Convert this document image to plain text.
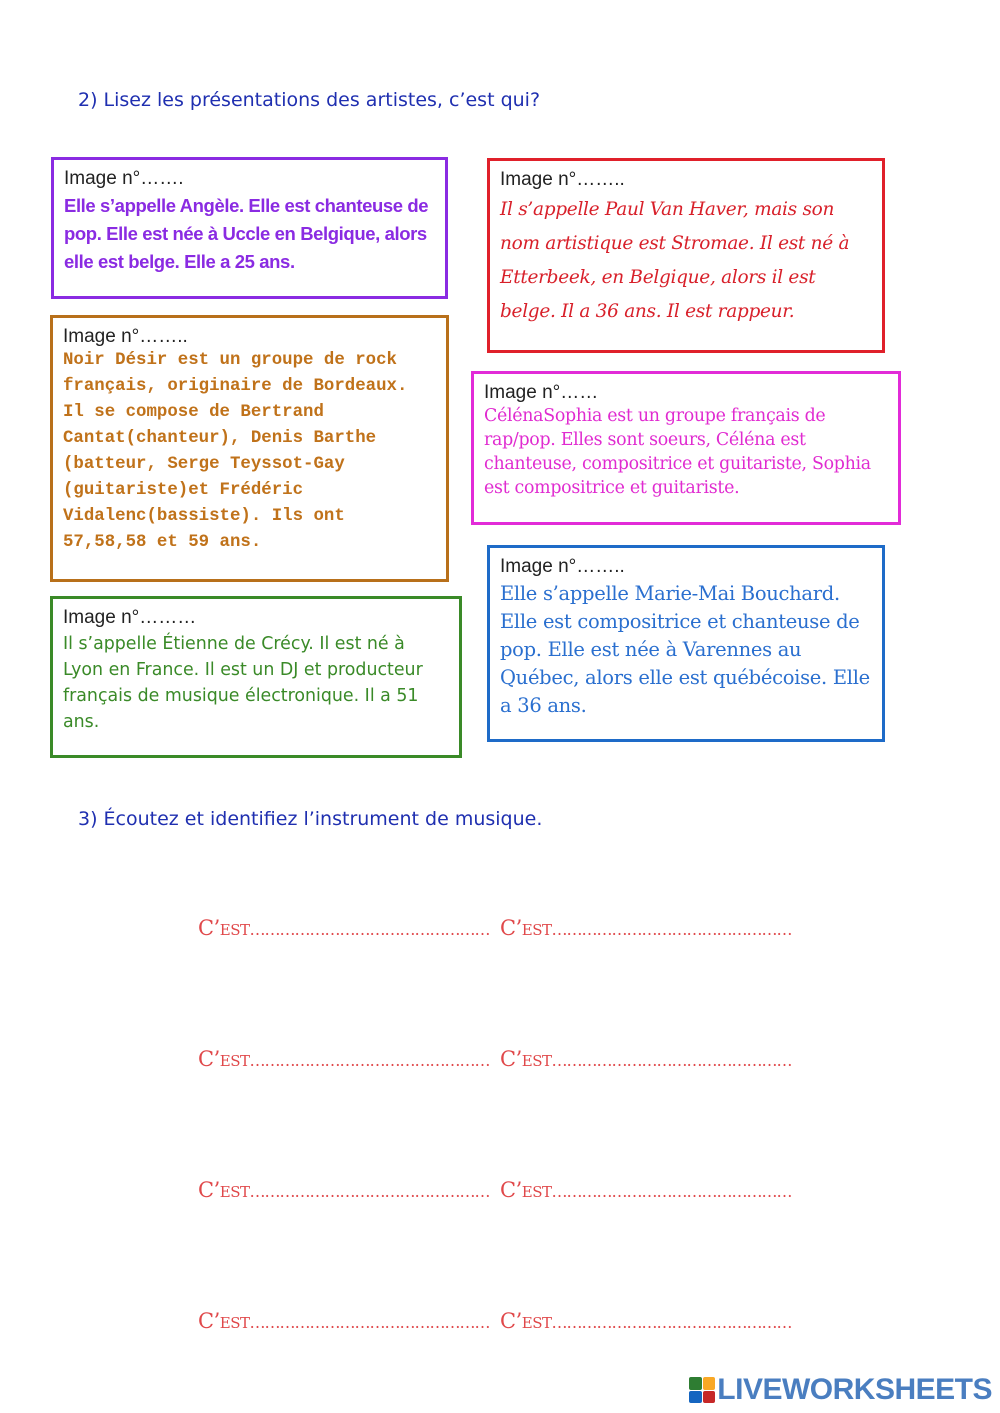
2) Lisez les présentations des artistes, c’est qui?
Image n°…….
Elle s’appelle Angèle. Elle est chanteuse de pop. Elle est née à Uccle en Belgique, alors elle est belge. Elle a 25 ans.
Image n°……..
Il s’appelle Paul Van Haver, mais son nom artistique est Stromae. Il est né à Etterbeek, en Belgique, alors il est belge. Il a 36 ans. Il est rappeur.
Image n°……..
Noir Désir est un groupe de rock français, originaire de Bordeaux. Il se compose de Bertrand Cantat(chanteur), Denis Barthe (batteur, Serge Teyssot-Gay (guitariste)et Frédéric Vidalenc(bassiste). Ils ont 57,58,58 et 59 ans.
Image n°……
CélénaSophia est un groupe français de rap/pop. Elles sont soeurs, Céléna est chanteuse, compositrice et guitariste, Sophia est compositrice et guitariste.
Image n°………
Il s’appelle Étienne de Crécy. Il est né à Lyon en France. Il est un DJ et producteur français de musique électronique. Il a 51 ans.
Image n°……..
Elle s’appelle Marie-Mai Bouchard. Elle est compositrice et chanteuse de pop. Elle est née à Varennes au Québec, alors elle est québécoise. Elle a 36 ans.
3) Écoutez et identifiez l’instrument de musique.
C’est………………………………………… C’est…………………………………………
C’est………………………………………… C’est…………………………………………
C’est………………………………………… C’est…………………………………………
C’est………………………………………… C’est…………………………………………
LIVEWORKSHEETS
